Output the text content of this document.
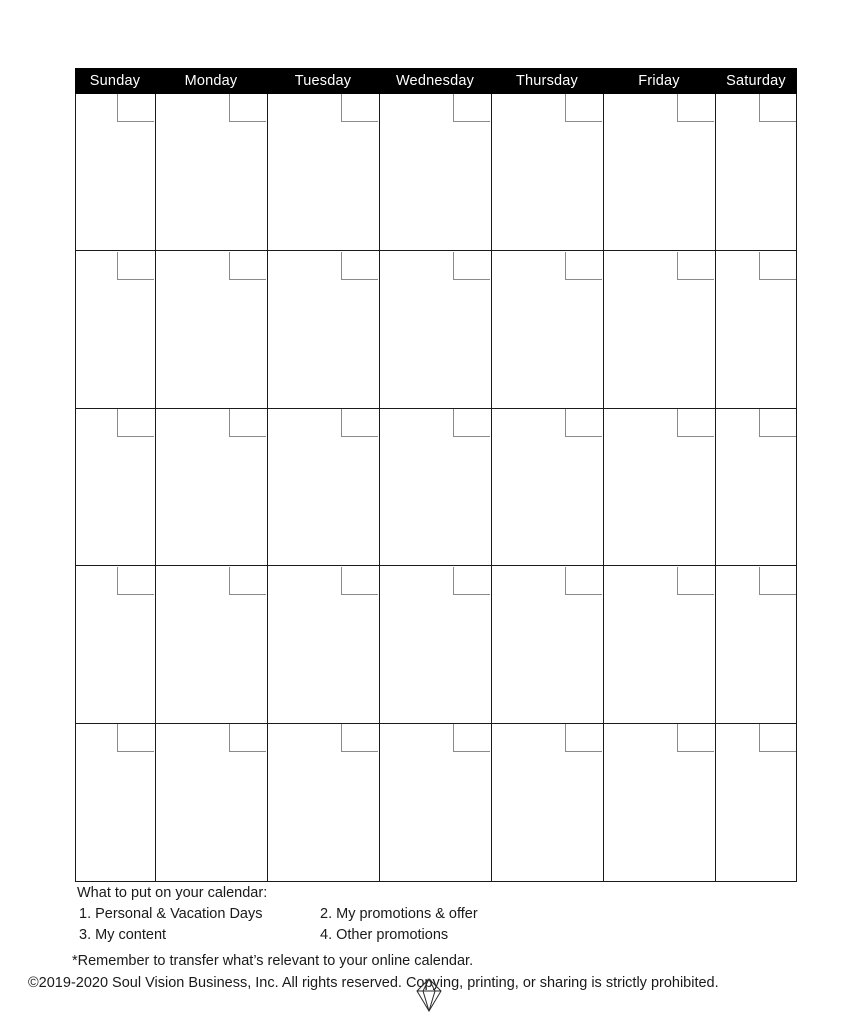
Sunday	Monday	Tuesday	Wednesday	Thursday	Friday	Saturday
What to put on your calendar:
1. Personal & Vacation Days	2. My promotions & offer
3. My content	4. Other promotions
*Remember to transfer what’s relevant to your online calendar.
©2019-2020 Soul Vision Business, Inc. All rights reserved. Copying, printing, or sharing is strictly prohibited.
